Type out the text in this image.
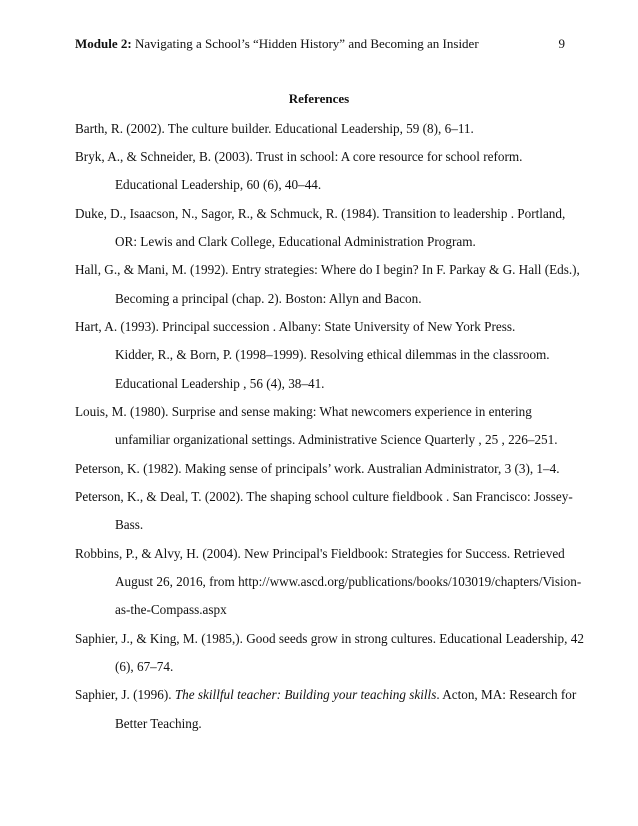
Module 2: Navigating a School’s “Hidden History” and Becoming an Insider	9
References
Barth, R. (2002). The culture builder. Educational Leadership, 59 (8), 6–11.
Bryk, A., & Schneider, B. (2003). Trust in school: A core resource for school reform.
Educational Leadership, 60 (6), 40–44.
Duke, D., Isaacson, N., Sagor, R., & Schmuck, R. (1984). Transition to leadership . Portland,
OR: Lewis and Clark College, Educational Administration Program.
Hall, G., & Mani, M. (1992). Entry strategies: Where do I begin? In F. Parkay & G. Hall (Eds.),
Becoming a principal (chap. 2). Boston: Allyn and Bacon.
Hart, A. (1993). Principal succession . Albany: State University of New York Press.
Kidder, R., & Born, P. (1998–1999). Resolving ethical dilemmas in the classroom.
Educational Leadership , 56 (4), 38–41.
Louis, M. (1980). Surprise and sense making: What newcomers experience in entering
unfamiliar organizational settings. Administrative Science Quarterly , 25 , 226–251.
Peterson, K. (1982). Making sense of principals’ work. Australian Administrator, 3 (3), 1–4.
Peterson, K., & Deal, T. (2002). The shaping school culture fieldbook . San Francisco: Jossey-
Bass.
Robbins, P., & Alvy, H. (2004). New Principal's Fieldbook: Strategies for Success. Retrieved
August 26, 2016, from http://www.ascd.org/publications/books/103019/chapters/Vision-
as-the-Compass.aspx
Saphier, J., & King, M. (1985,). Good seeds grow in strong cultures. Educational Leadership, 42
(6), 67–74.
Saphier, J. (1996). The skillful teacher: Building your teaching skills. Acton, MA: Research for
Better Teaching.
